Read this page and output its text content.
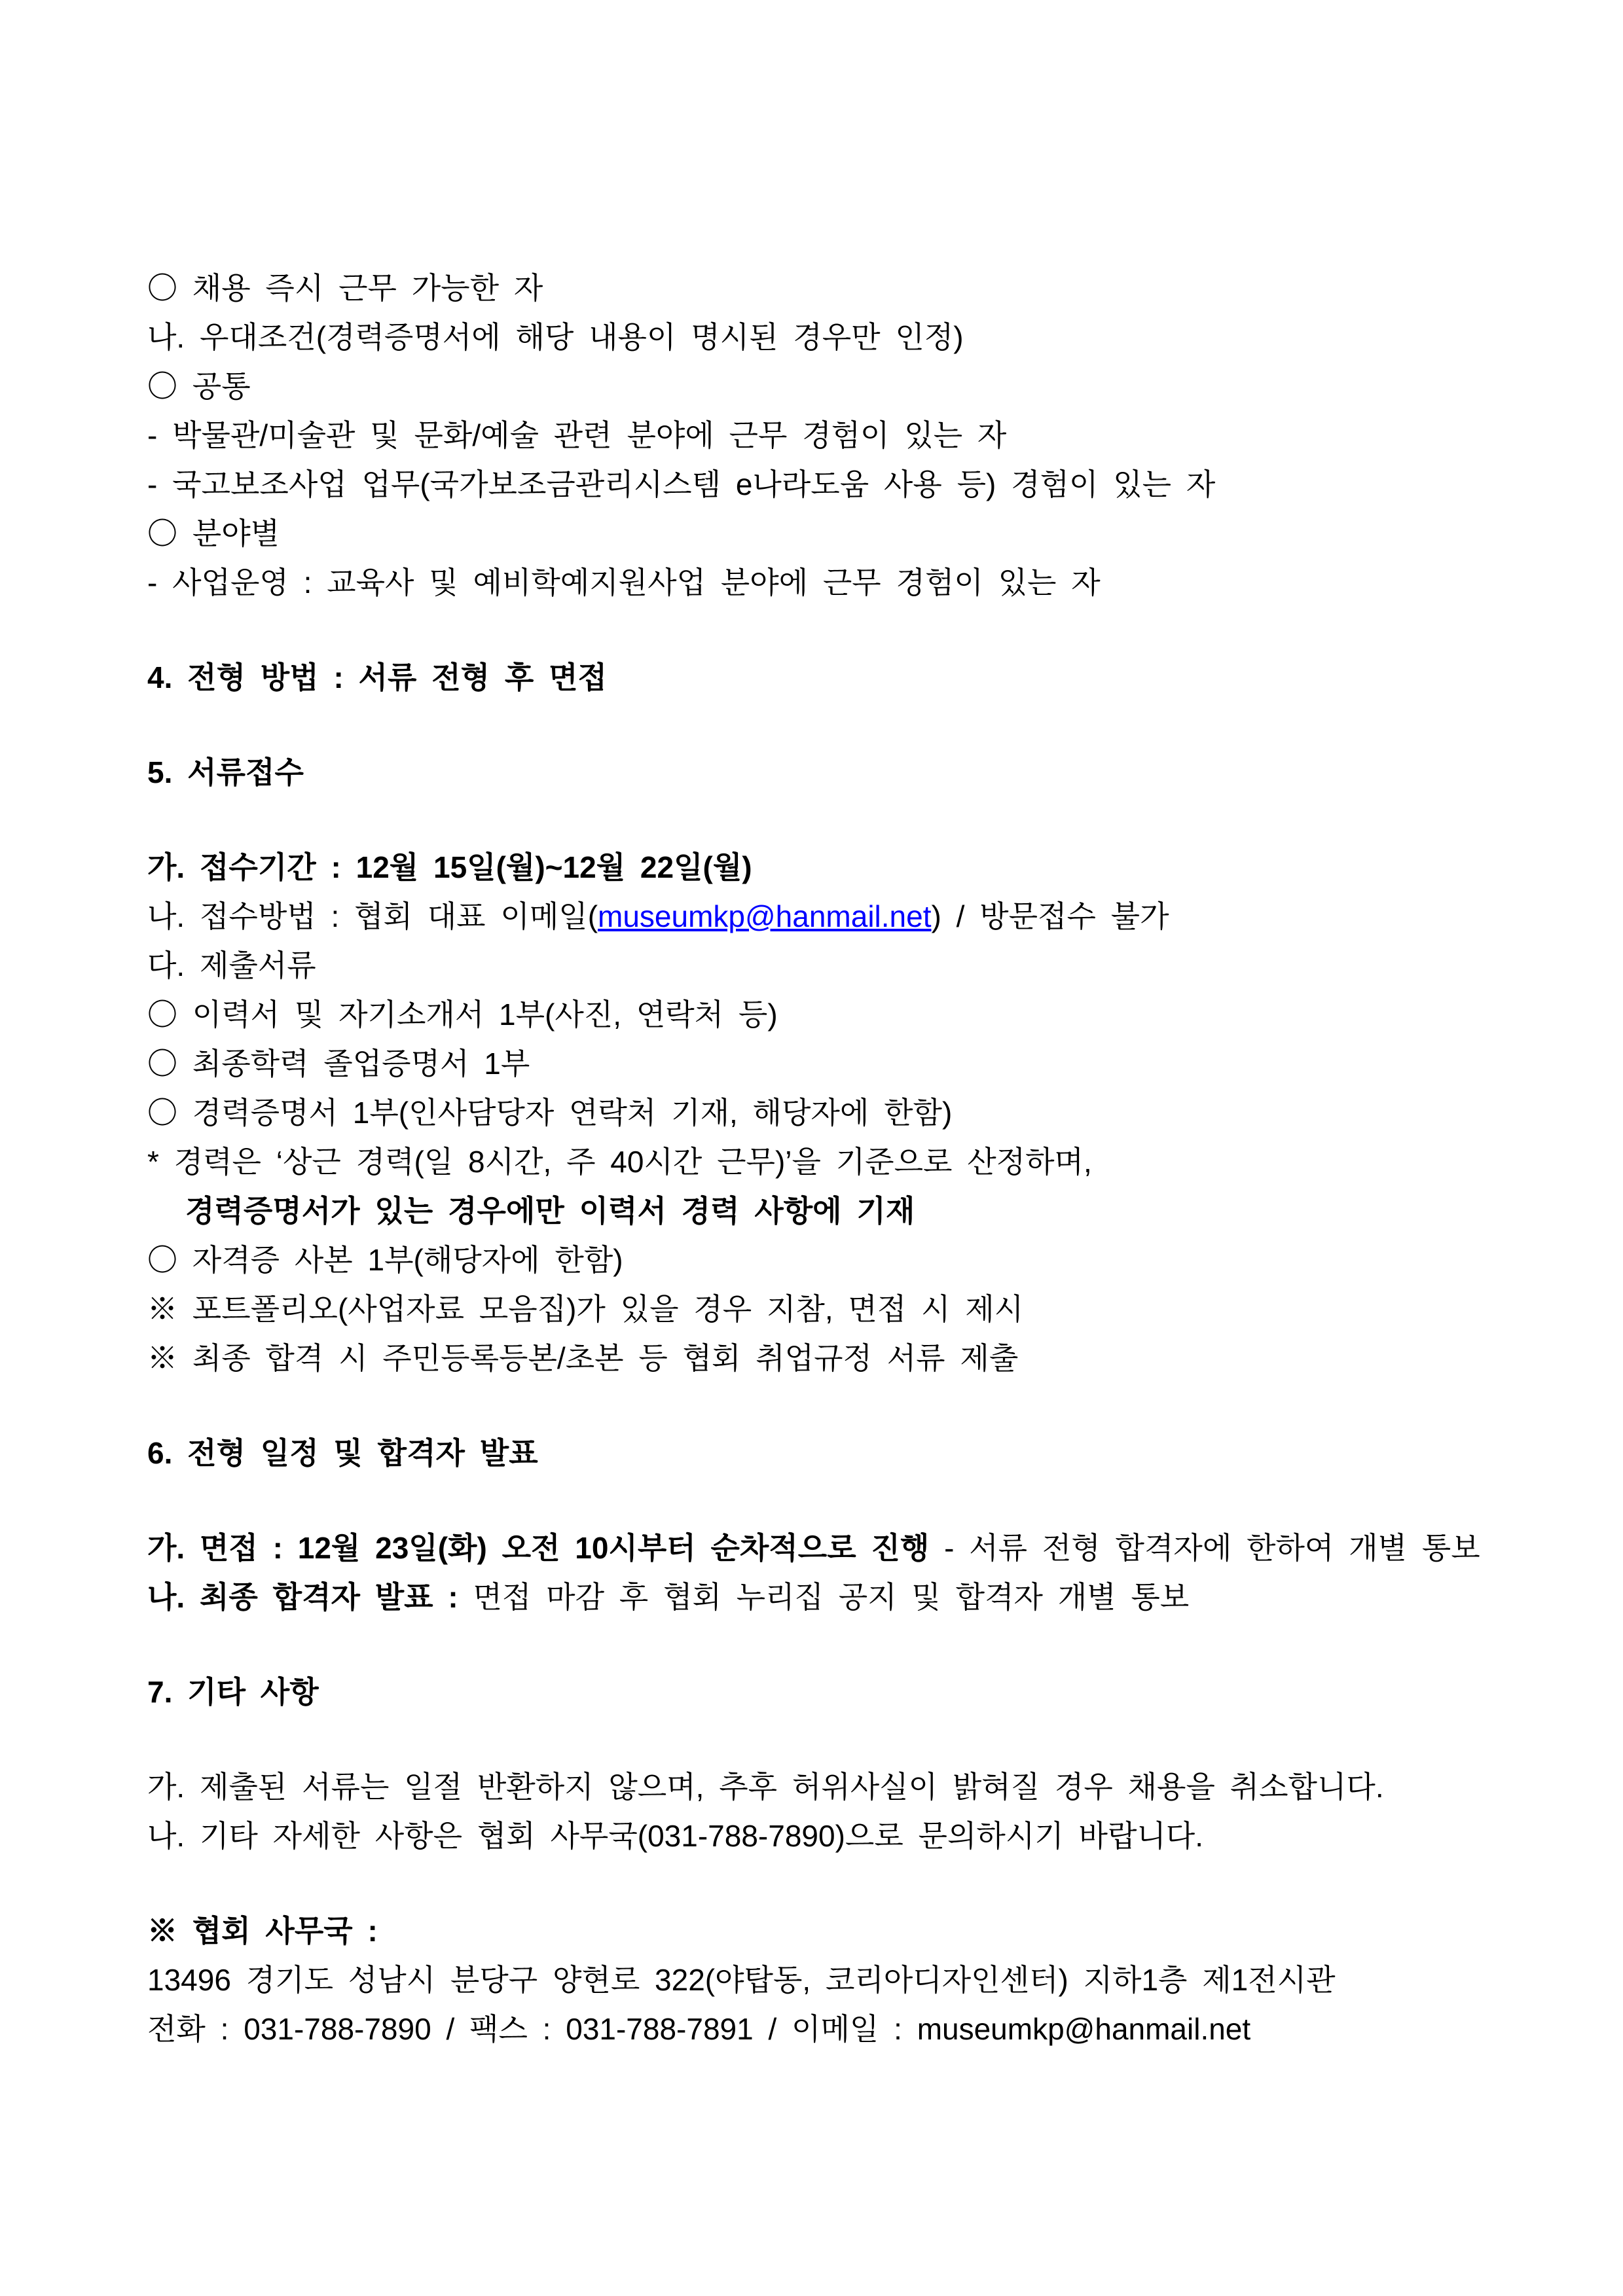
〇 채용 즉시 근무 가능한 자
나. 우대조건(경력증명서에 해당 내용이 명시된 경우만 인정)
〇 공통
- 박물관/미술관 및 문화/예술 관련 분야에 근무 경험이 있는 자
- 국고보조사업 업무(국가보조금관리시스템 e나라도움 사용 등) 경험이 있는 자
〇 분야별
- 사업운영 : 교육사 및 예비학예지원사업 분야에 근무 경험이 있는 자
4. 전형 방법 : 서류 전형 후 면접
5. 서류접수
가. 접수기간 : 12월 15일(월)~12월 22일(월)
나. 접수방법 : 협회 대표 이메일(museumkp@hanmail.net) / 방문접수 불가
다. 제출서류
〇 이력서 및 자기소개서 1부(사진, 연락처 등)
〇 최종학력 졸업증명서 1부
〇 경력증명서 1부(인사담당자 연락처 기재, 해당자에 한함)
* 경력은 ‘상근 경력(일 8시간, 주 40시간 근무)’을 기준으로 산정하며,
경력증명서가 있는 경우에만 이력서 경력 사항에 기재
〇 자격증 사본 1부(해당자에 한함)
※ 포트폴리오(사업자료 모음집)가 있을 경우 지참, 면접 시 제시
※ 최종 합격 시 주민등록등본/초본 등 협회 취업규정 서류 제출
6. 전형 일정 및 합격자 발표
가. 면접 : 12월 23일(화) 오전 10시부터 순차적으로 진행 - 서류 전형 합격자에 한하여 개별 통보
나. 최종 합격자 발표 : 면접 마감 후 협회 누리집 공지 및 합격자 개별 통보
7. 기타 사항
가. 제출된 서류는 일절 반환하지 않으며, 추후 허위사실이 밝혀질 경우 채용을 취소합니다.
나. 기타 자세한 사항은 협회 사무국(031-788-7890)으로 문의하시기 바랍니다.
※ 협회 사무국 :
13496 경기도 성남시 분당구 양현로 322(야탑동, 코리아디자인센터) 지하1층 제1전시관
전화 : 031-788-7890 / 팩스 : 031-788-7891 / 이메일 : museumkp@hanmail.net
